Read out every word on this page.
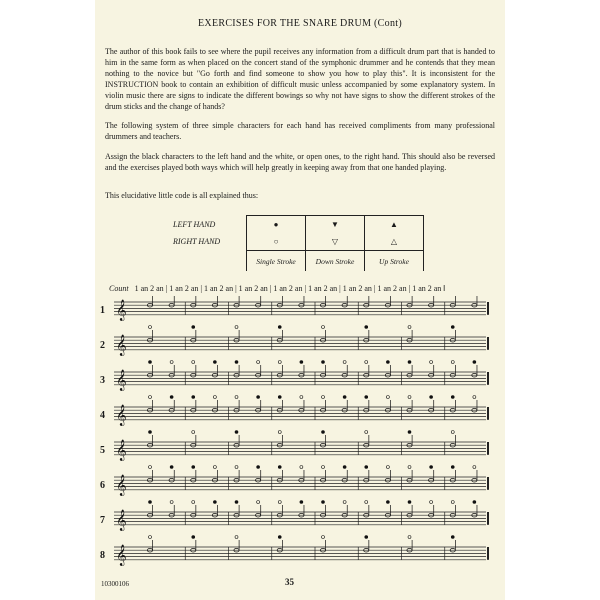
EXERCISES FOR THE SNARE DRUM (Cont)
The author of this book fails to see where the pupil receives any information from a difficult drum part that is handed to him in the same form as when placed on the concert stand of the symphonic drummer and he contends that they mean nothing to the novice but "Go forth and find someone to show you how to play this". It is inconsistent for the INSTRUCTION book to contain an exhibition of difficult music unless accompanied by some explanatory system. In violin music there are signs to indicate the different bowings so why not have signs to show the different strokes of the drum sticks and the change of hands?
The following system of three simple characters for each hand has received compliments from many professional drummers and teachers.
Assign the black characters to the left hand and the white, or open ones, to the right hand. This should also be reversed and the exercises played both ways which will help greatly in keeping away from that one handed playing.
This elucidative little code is all explained thus:
LEFT HAND	●	▼	▲
RIGHT HAND	○	▽	△
	Single Stroke	Down Stroke	Up Stroke
Count 1 an 2 an | 1 an 2 an | 1 an 2 an | 1 an 2 an | 1 an 2 an | 1 an 2 an | 1 an 2 an | 1 an 2 an | 1 an 2 an ‖
1
2
3
4
5
6
7
8
𝄞
𝄞
𝄞
𝄞
𝄞
𝄞
𝄞
𝄞
10300106	35
